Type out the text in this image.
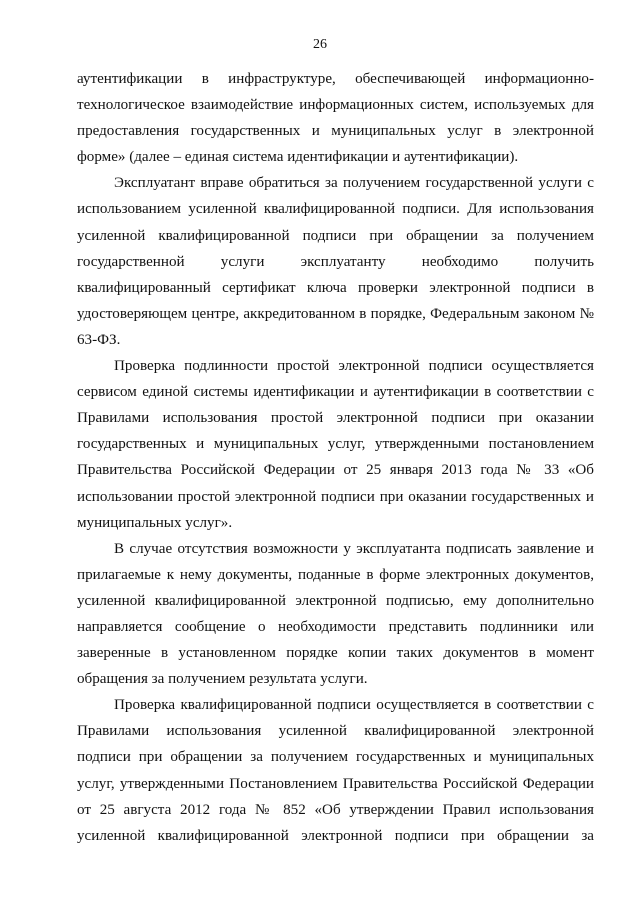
26

аутентификации в инфраструктуре, обеспечивающей информационно-технологическое взаимодействие информационных систем, используемых для предоставления государственных и муниципальных услуг в электронной форме» (далее – единая система идентификации и аутентификации).

Эксплуатант вправе обратиться за получением государственной услуги с использованием усиленной квалифицированной подписи. Для использования усиленной квалифицированной подписи при обращении за получением государственной услуги эксплуатанту необходимо получить квалифицированный сертификат ключа проверки электронной подписи в удостоверяющем центре, аккредитованном в порядке, Федеральным законом № 63-ФЗ.

Проверка подлинности простой электронной подписи осуществляется сервисом единой системы идентификации и аутентификации в соответствии с Правилами использования простой электронной подписи при оказании государственных и муниципальных услуг, утвержденными постановлением Правительства Российской Федерации от 25 января 2013 года № 33 «Об использовании простой электронной подписи при оказании государственных и муниципальных услуг».

В случае отсутствия возможности у эксплуатанта подписать заявление и прилагаемые к нему документы, поданные в форме электронных документов, усиленной квалифицированной электронной подписью, ему дополнительно направляется сообщение о необходимости представить подлинники или заверенные в установленном порядке копии таких документов в момент обращения за получением результата услуги.

Проверка квалифицированной подписи осуществляется в соответствии с Правилами использования усиленной квалифицированной электронной подписи при обращении за получением государственных и муниципальных услуг, утвержденными Постановлением Правительства Российской Федерации от 25 августа 2012 года № 852 «Об утверждении Правил использования усиленной квалифицированной электронной подписи при обращении за
